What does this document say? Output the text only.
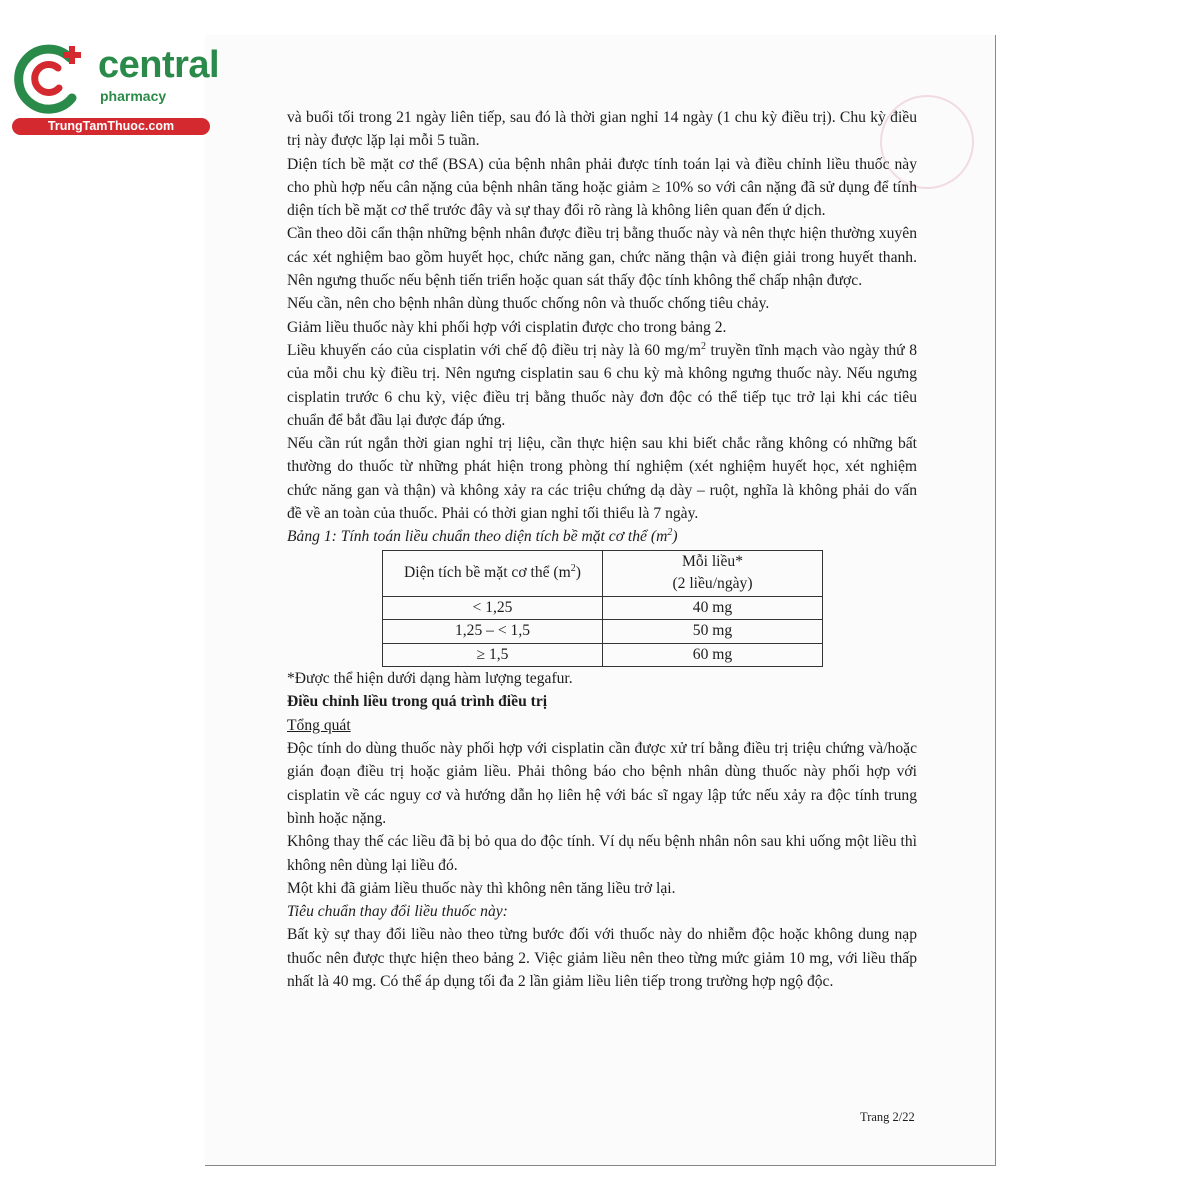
central
pharmacy
TrungTamThuoc.com	và buổi tối trong 21 ngày liên tiếp, sau đó là thời gian nghỉ 14 ngày (1 chu kỳ điều trị). Chu kỳ điều trị này được lặp lại mỗi 5 tuần.

Diện tích bề mặt cơ thể (BSA) của bệnh nhân phải được tính toán lại và điều chỉnh liều thuốc này cho phù hợp nếu cân nặng của bệnh nhân tăng hoặc giảm ≥ 10% so với cân nặng đã sử dụng để tính diện tích bề mặt cơ thể trước đây và sự thay đổi rõ ràng là không liên quan đến ứ dịch.

Cần theo dõi cẩn thận những bệnh nhân được điều trị bằng thuốc này và nên thực hiện thường xuyên các xét nghiệm bao gồm huyết học, chức năng gan, chức năng thận và điện giải trong huyết thanh. Nên ngưng thuốc nếu bệnh tiến triển hoặc quan sát thấy độc tính không thể chấp nhận được.

Nếu cần, nên cho bệnh nhân dùng thuốc chống nôn và thuốc chống tiêu chảy.

Giảm liều thuốc này khi phối hợp với cisplatin được cho trong bảng 2.

Liều khuyến cáo của cisplatin với chế độ điều trị này là 60 $mg/m^2$ truyền tĩnh mạch vào ngày thứ 8 của mỗi chu kỳ điều trị. Nên ngưng cisplatin sau 6 chu kỳ mà không ngưng thuốc này. Nếu ngưng cisplatin trước 6 chu kỳ, việc điều trị bằng thuốc này đơn độc có thể tiếp tục trở lại khi các tiêu chuẩn để bắt đầu lại được đáp ứng.

Nếu cần rút ngắn thời gian nghỉ trị liệu, cần thực hiện sau khi biết chắc rằng không có những bất thường do thuốc từ những phát hiện trong phòng thí nghiệm (xét nghiệm huyết học, xét nghiệm chức năng gan và thận) và không xảy ra các triệu chứng dạ dày – ruột, nghĩa là không phải do vấn đề về an toàn của thuốc. Phải có thời gian nghỉ tối thiểu là 7 ngày.

Bảng 1: Tính toán liều chuẩn theo diện tích bề mặt cơ thể $(m^2)$

Diện tích bề mặt cơ thể $(m^2)$	Mỗi liều*
(2 liều/ngày)
< 1,25	40 mg
1,25 – < 1,5	50 mg
≥ 1,5	60 mg

*Được thể hiện dưới dạng hàm lượng tegafur.

Điều chỉnh liều trong quá trình điều trị

Tổng quát

Độc tính do dùng thuốc này phối hợp với cisplatin cần được xử trí bằng điều trị triệu chứng và/hoặc gián đoạn điều trị hoặc giảm liều. Phải thông báo cho bệnh nhân dùng thuốc này phối hợp với cisplatin về các nguy cơ và hướng dẫn họ liên hệ với bác sĩ ngay lập tức nếu xảy ra độc tính trung bình hoặc nặng.

Không thay thế các liều đã bị bỏ qua do độc tính. Ví dụ nếu bệnh nhân nôn sau khi uống một liều thì không nên dùng lại liều đó.

Một khi đã giảm liều thuốc này thì không nên tăng liều trở lại.

Tiêu chuẩn thay đổi liều thuốc này:

Bất kỳ sự thay đổi liều nào theo từng bước đối với thuốc này do nhiễm độc hoặc không dung nạp thuốc nên được thực hiện theo bảng 2. Việc giảm liều nên theo từng mức giảm 10 mg, với liều thấp nhất là 40 mg. Có thể áp dụng tối đa 2 lần giảm liều liên tiếp trong trường hợp ngộ độc.

Trang 2/22
